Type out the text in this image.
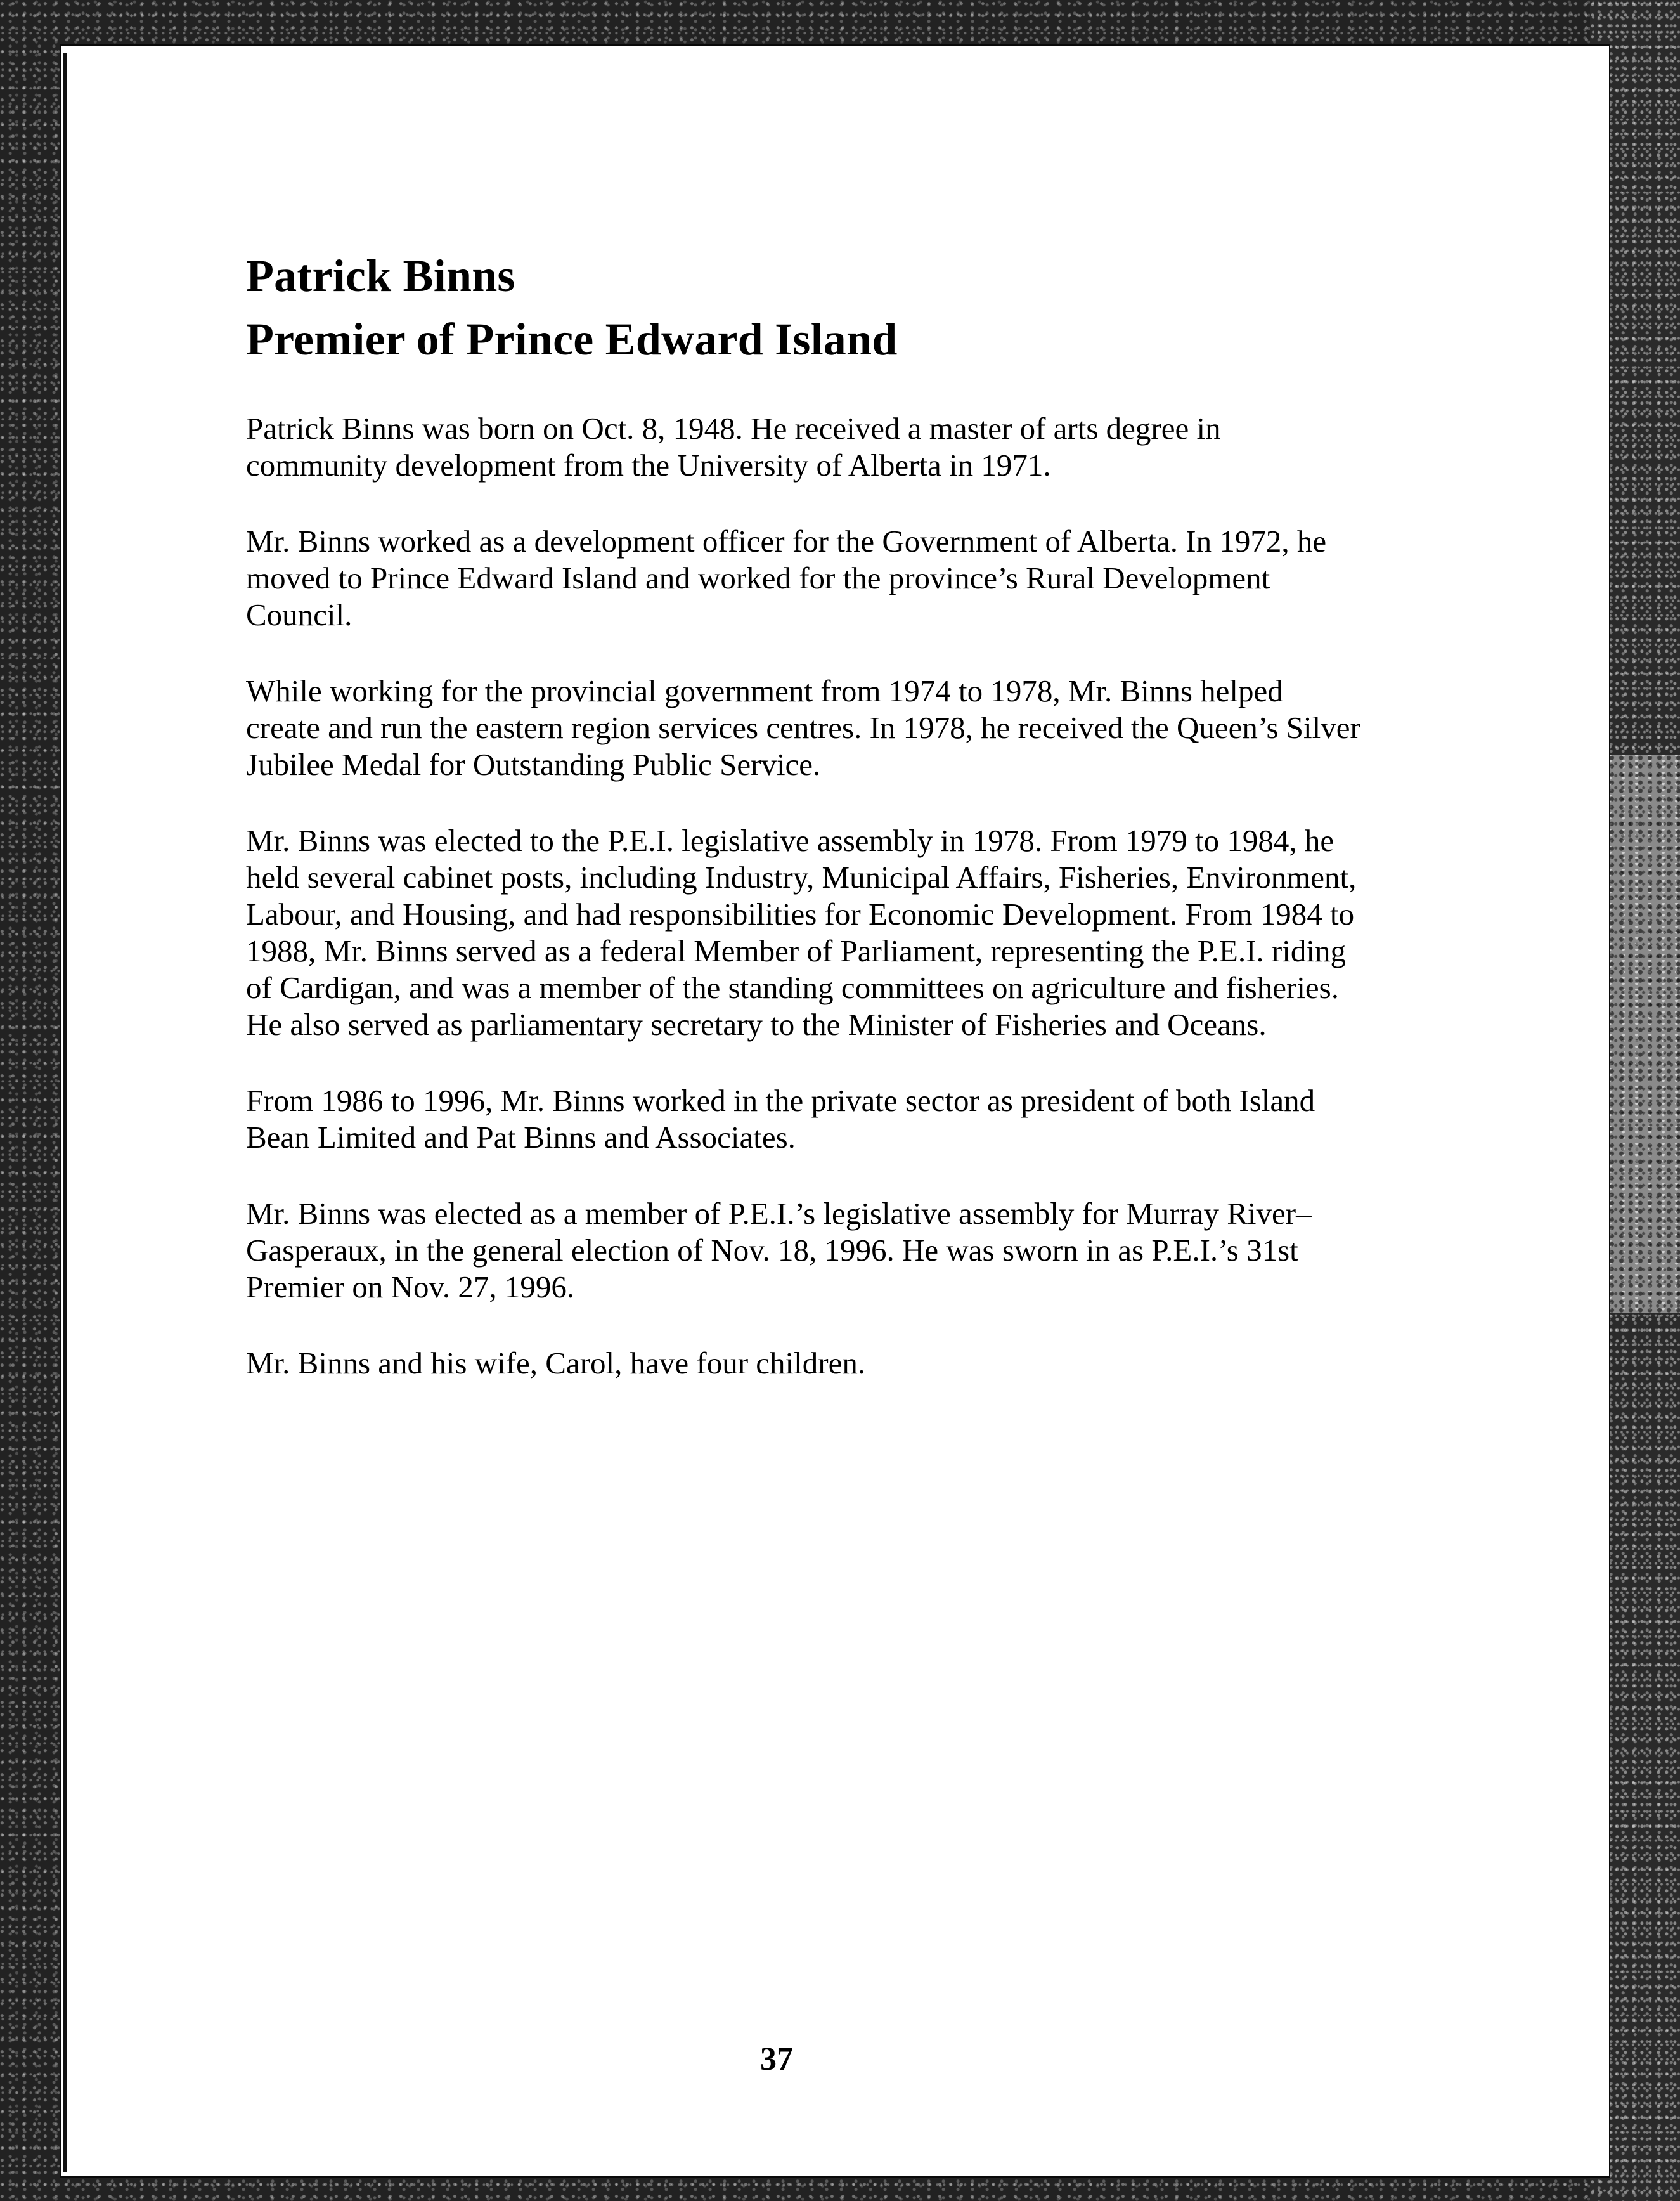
Patrick Binns
Premier of Prince Edward Island

Patrick Binns was born on Oct. 8, 1948. He received a master of arts degree in community development from the University of Alberta in 1971.

Mr. Binns worked as a development officer for the Government of Alberta. In 1972, he moved to Prince Edward Island and worked for the province’s Rural Development Council.

While working for the provincial government from 1974 to 1978, Mr. Binns helped create and run the eastern region services centres. In 1978, he received the Queen’s Silver Jubilee Medal for Outstanding Public Service.

Mr. Binns was elected to the P.E.I. legislative assembly in 1978. From 1979 to 1984, he held several cabinet posts, including Industry, Municipal Affairs, Fisheries, Environment, Labour, and Housing, and had responsibilities for Economic Development. From 1984 to 1988, Mr. Binns served as a federal Member of Parliament, representing the P.E.I. riding of Cardigan, and was a member of the standing committees on agriculture and fisheries. He also served as parliamentary secretary to the Minister of Fisheries and Oceans.

From 1986 to 1996, Mr. Binns worked in the private sector as president of both Island Bean Limited and Pat Binns and Associates.

Mr. Binns was elected as a member of P.E.I.’s legislative assembly for Murray River–Gasperaux, in the general election of Nov. 18, 1996. He was sworn in as P.E.I.’s 31st Premier on Nov. 27, 1996.

Mr. Binns and his wife, Carol, have four children.

37
